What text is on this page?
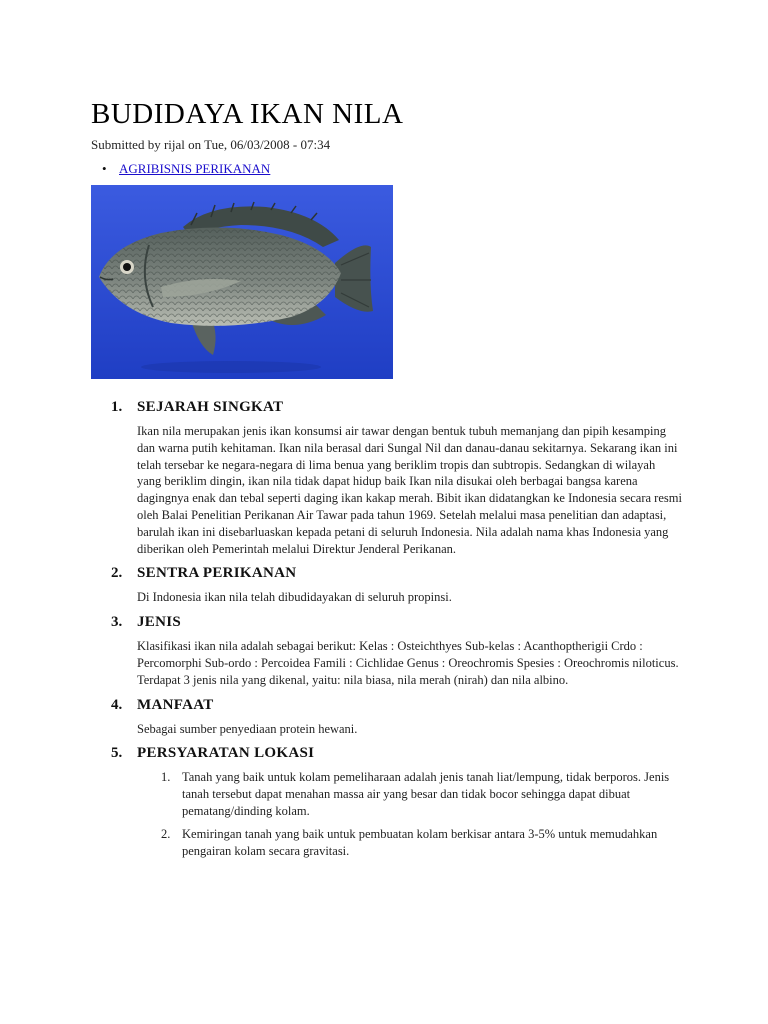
BUDIDAYA IKAN NILA
Submitted by rijal on Tue, 06/03/2008 - 07:34
• AGRIBISNIS PERIKANAN
1. SEJARAH SINGKAT

Ikan nila merupakan jenis ikan konsumsi air tawar dengan bentuk tubuh memanjang dan pipih kesamping dan warna putih kehitaman. Ikan nila berasal dari Sungal Nil dan danau-danau sekitarnya. Sekarang ikan ini telah tersebar ke negara-negara di lima benua yang beriklim tropis dan subtropis. Sedangkan di wilayah yang beriklim dingin, ikan nila tidak dapat hidup baik Ikan nila disukai oleh berbagai bangsa karena dagingnya enak dan tebal seperti daging ikan kakap merah. Bibit ikan didatangkan ke Indonesia secara resmi oleh Balai Penelitian Perikanan Air Tawar pada tahun 1969. Setelah melalui masa penelitian dan adaptasi, barulah ikan ini disebarluaskan kepada petani di seluruh Indonesia. Nila adalah nama khas Indonesia yang diberikan oleh Pemerintah melalui Direktur Jenderal Perikanan.

2. SENTRA PERIKANAN

Di Indonesia ikan nila telah dibudidayakan di seluruh propinsi.

3. JENIS

Klasifikasi ikan nila adalah sebagai berikut: Kelas : Osteichthyes Sub-kelas : Acanthoptherigii Crdo : Percomorphi Sub-ordo : Percoidea Famili : Cichlidae Genus : Oreochromis Spesies : Oreochromis niloticus. Terdapat 3 jenis nila yang dikenal, yaitu: nila biasa, nila merah (nirah) dan nila albino.

4. MANFAAT

Sebagai sumber penyediaan protein hewani.

5. PERSYARATAN LOKASI
1. Tanah yang baik untuk kolam pemeliharaan adalah jenis tanah liat/lempung, tidak berporos. Jenis tanah tersebut dapat menahan massa air yang besar dan tidak bocor sehingga dapat dibuat pematang/dinding kolam.
2. Kemiringan tanah yang baik untuk pembuatan kolam berkisar antara 3-5% untuk memudahkan pengairan kolam secara gravitasi.
